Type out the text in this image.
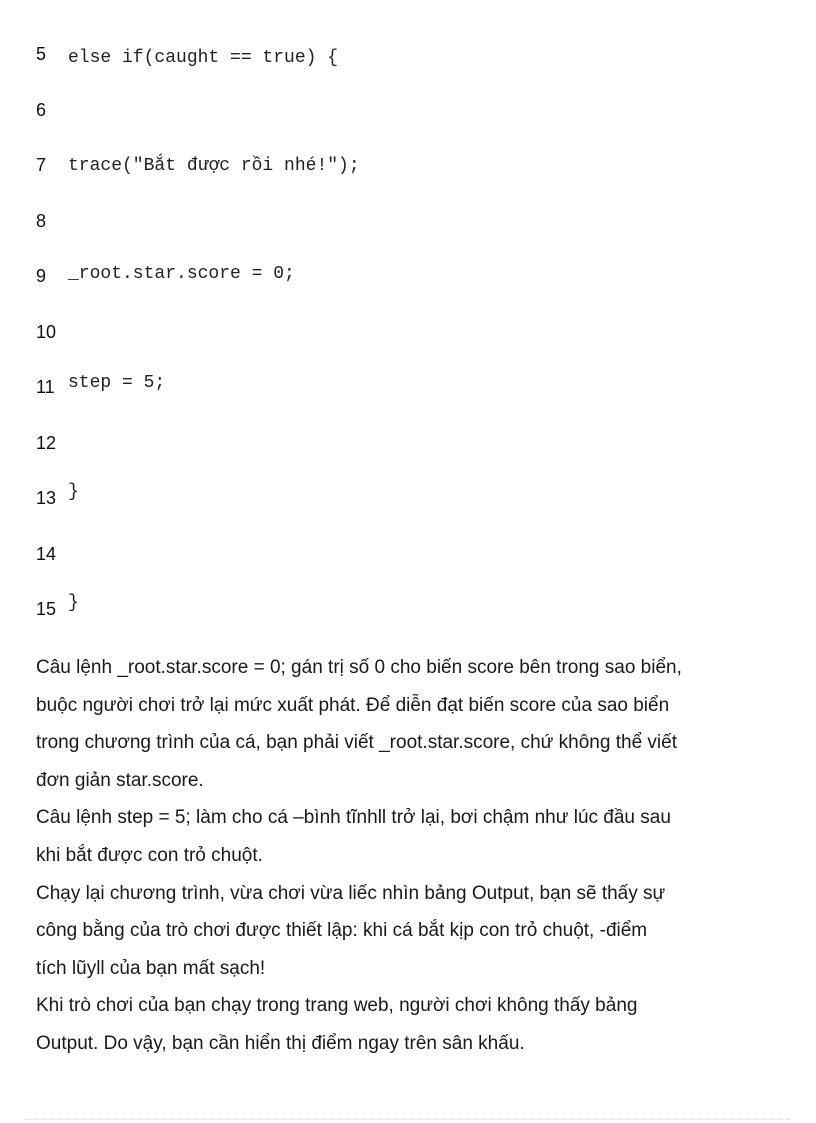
5 else if(caught == true) {
6
7 trace("Bắt được rồi nhé!");
8
9 _root.star.score = 0;
10
11 step = 5;
12
13 }
14
15 }

Câu lệnh _root.star.score = 0; gán trị số 0 cho biến score bên trong sao biển,
buộc người chơi trở lại mức xuất phát. Để diễn đạt biến score của sao biển
trong chương trình của cá, bạn phải viết _root.star.score, chứ không thể viết
đơn giản star.score.

Câu lệnh step = 5; làm cho cá –bình tĩnhll trở lại, bơi chậm như lúc đầu sau
khi bắt được con trỏ chuột.

Chạy lại chương trình, vừa chơi vừa liếc nhìn bảng Output, bạn sẽ thấy sự
công bằng của trò chơi được thiết lập: khi cá bắt kịp con trỏ chuột, -điểm
tích lũyll của bạn mất sạch!

Khi trò chơi của bạn chạy trong trang web, người chơi không thấy bảng
Output. Do vậy, bạn cần hiển thị điểm ngay trên sân khấu.
